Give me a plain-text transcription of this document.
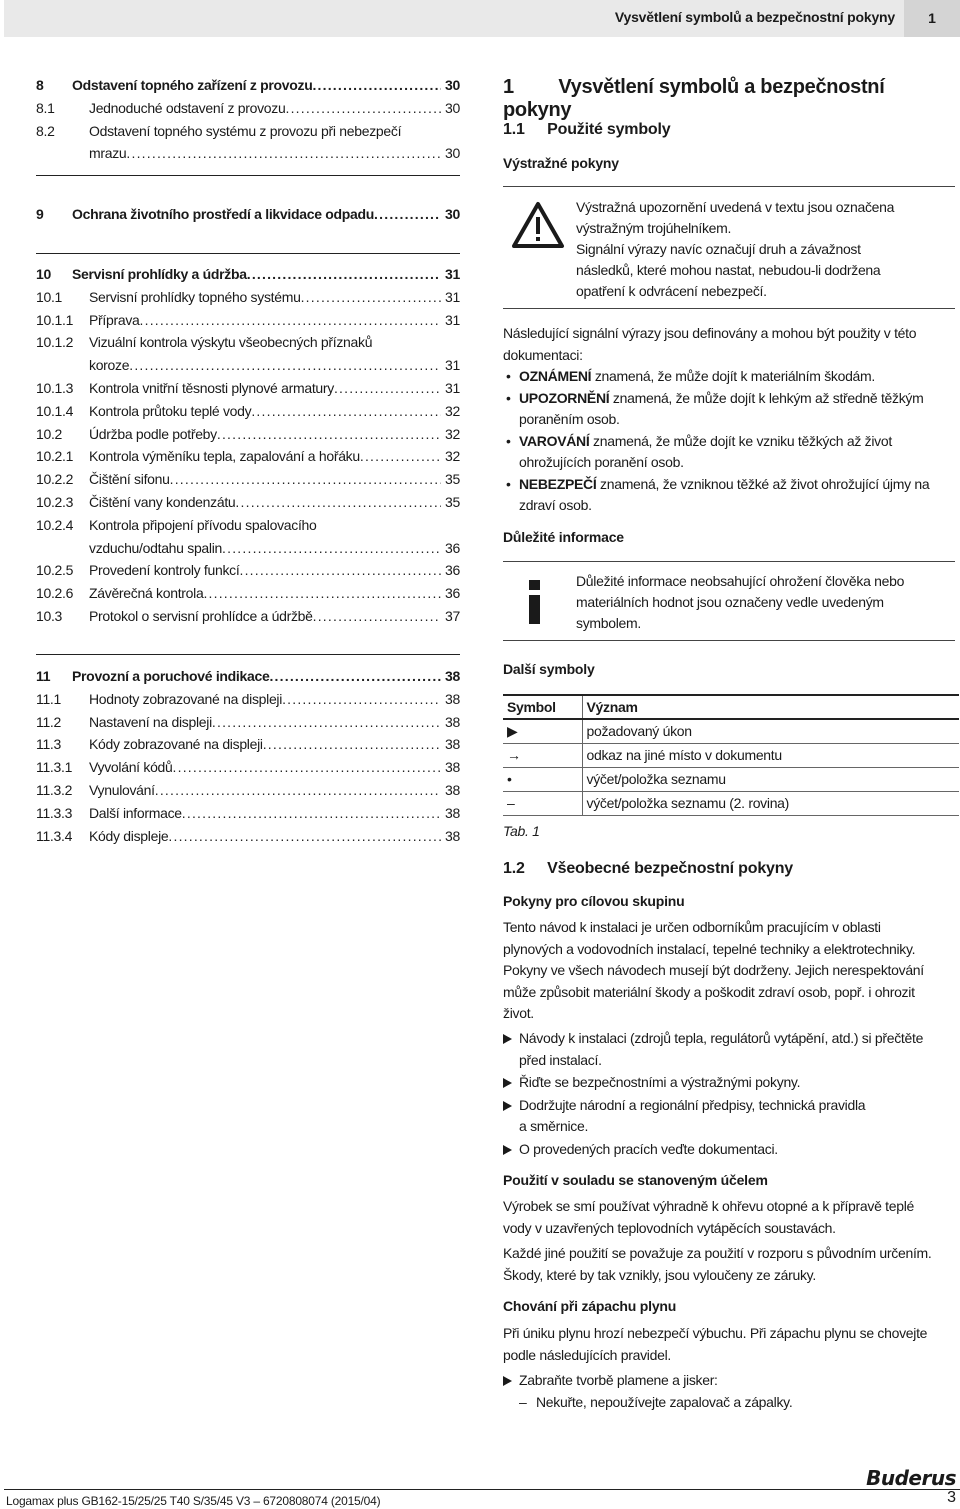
Vysvětlení symbolů a bezpečnostní pokyny	1
8	Odstavení topného zařízení z provozu .....	30
8.1 Jednoduché odstavení z provozu .....	30
8.2 Odstavení topného systému z provozu při nebezpečí
mrazu .....	30
9	Ochrana životního prostředí a likvidace odpadu .....	30
10	Servisní prohlídky a údržba .....	31
10.1 Servisní prohlídky topného systému .....	31
10.1.1 Příprava .....	31
10.1.2 Vizuální kontrola výskytu všeobecných příznaků
koroze .....	31
10.1.3 Kontrola vnitřní těsnosti plynové armatury .....	31
10.1.4 Kontrola průtoku teplé vody .....	32
10.2 Údržba podle potřeby .....	32
10.2.1 Kontrola výměníku tepla, zapalování a hořáku .....	32
10.2.2 Čištění sifonu .....	35
10.2.3 Čištění vany kondenzátu .....	35
10.2.4 Kontrola připojení přívodu spalovacího
vzduchu/odtahu spalin .....	36
10.2.5 Provedení kontroly funkcí .....	36
10.2.6 Závěrečná kontrola .....	36
10.3 Protokol o servisní prohlídce a údržbě .....	37
11	Provozní a poruchové indikace .....	38
11.1 Hodnoty zobrazované na displeji .....	38
11.2 Nastavení na displeji .....	38
11.3 Kódy zobrazované na displeji .....	38
11.3.1 Vyvolání kódů .....	38
11.3.2 Vynulování .....	38
11.3.3 Další informace .....	38
11.3.4 Kódy displeje .....	38
1 Vysvětlení symbolů a bezpečnostní pokyny
1.1 Použité symboly
Výstražné pokyny
Výstražná upozornění uvedená v textu jsou označena
výstražným trojúhelníkem.
Signální výrazy navíc označují druh a závažnost
následků, které mohou nastat, nebudou-li dodržena
opatření k odvrácení nebezpečí.
Následující signální výrazy jsou definovány a mohou být použity v této
dokumentaci:
• OZNÁMENÍ znamená, že může dojít k materiálním škodám.
• UPOZORNĚNÍ znamená, že může dojít k lehkým až středně těžkým
poraněním osob.
• VAROVÁNÍ znamená, že může dojít ke vzniku těžkých až život
ohrožujících poranění osob.
• NEBEZPEČÍ znamená, že vzniknou těžké až život ohrožující újmy na
zdraví osob.
Důležité informace
Důležité informace neobsahující ohrožení člověka nebo
materiálních hodnot jsou označeny vedle uvedeným
symbolem.
Další symboly
Symbol	Význam
▶	požadovaný úkon
→	odkaz na jiné místo v dokumentu
•	výčet/položka seznamu
–	výčet/položka seznamu (2. rovina)
Tab. 1
1.2 Všeobecné bezpečnostní pokyny
Pokyny pro cílovou skupinu
Tento návod k instalaci je určen odborníkům pracujícím v oblasti
plynových a vodovodních instalací, tepelné techniky a elektrotechniky.
Pokyny ve všech návodech musejí být dodrženy. Jejich nerespektování
může způsobit materiální škody a poškodit zdraví osob, popř. i ohrozit
život.
Návody k instalaci (zdrojů tepla, regulátorů vytápění, atd.) si přečtěte
před instalací.
Řiďte se bezpečnostními a výstražnými pokyny.
Dodržujte národní a regionální předpisy, technická pravidla
a směrnice.
O provedených pracích veďte dokumentaci.
Použití v souladu se stanoveným účelem
Výrobek se smí používat výhradně k ohřevu otopné a k přípravě teplé
vody v uzavřených teplovodních vytápěcích soustavách.
Každé jiné použití se považuje za použití v rozporu s původním určením.
Škody, které by tak vznikly, jsou vyloučeny ze záruky.
Chování při zápachu plynu
Při úniku plynu hrozí nebezpečí výbuchu. Při zápachu plynu se chovejte
podle následujících pravidel.
Zabraňte tvorbě plamene a jisker:
– Nekuřte, nepoužívejte zapalovač a zápalky.
Buderus
Logamax plus GB162-15/25/25 T40 S/35/45 V3 – 6720808074 (2015/04)	3
